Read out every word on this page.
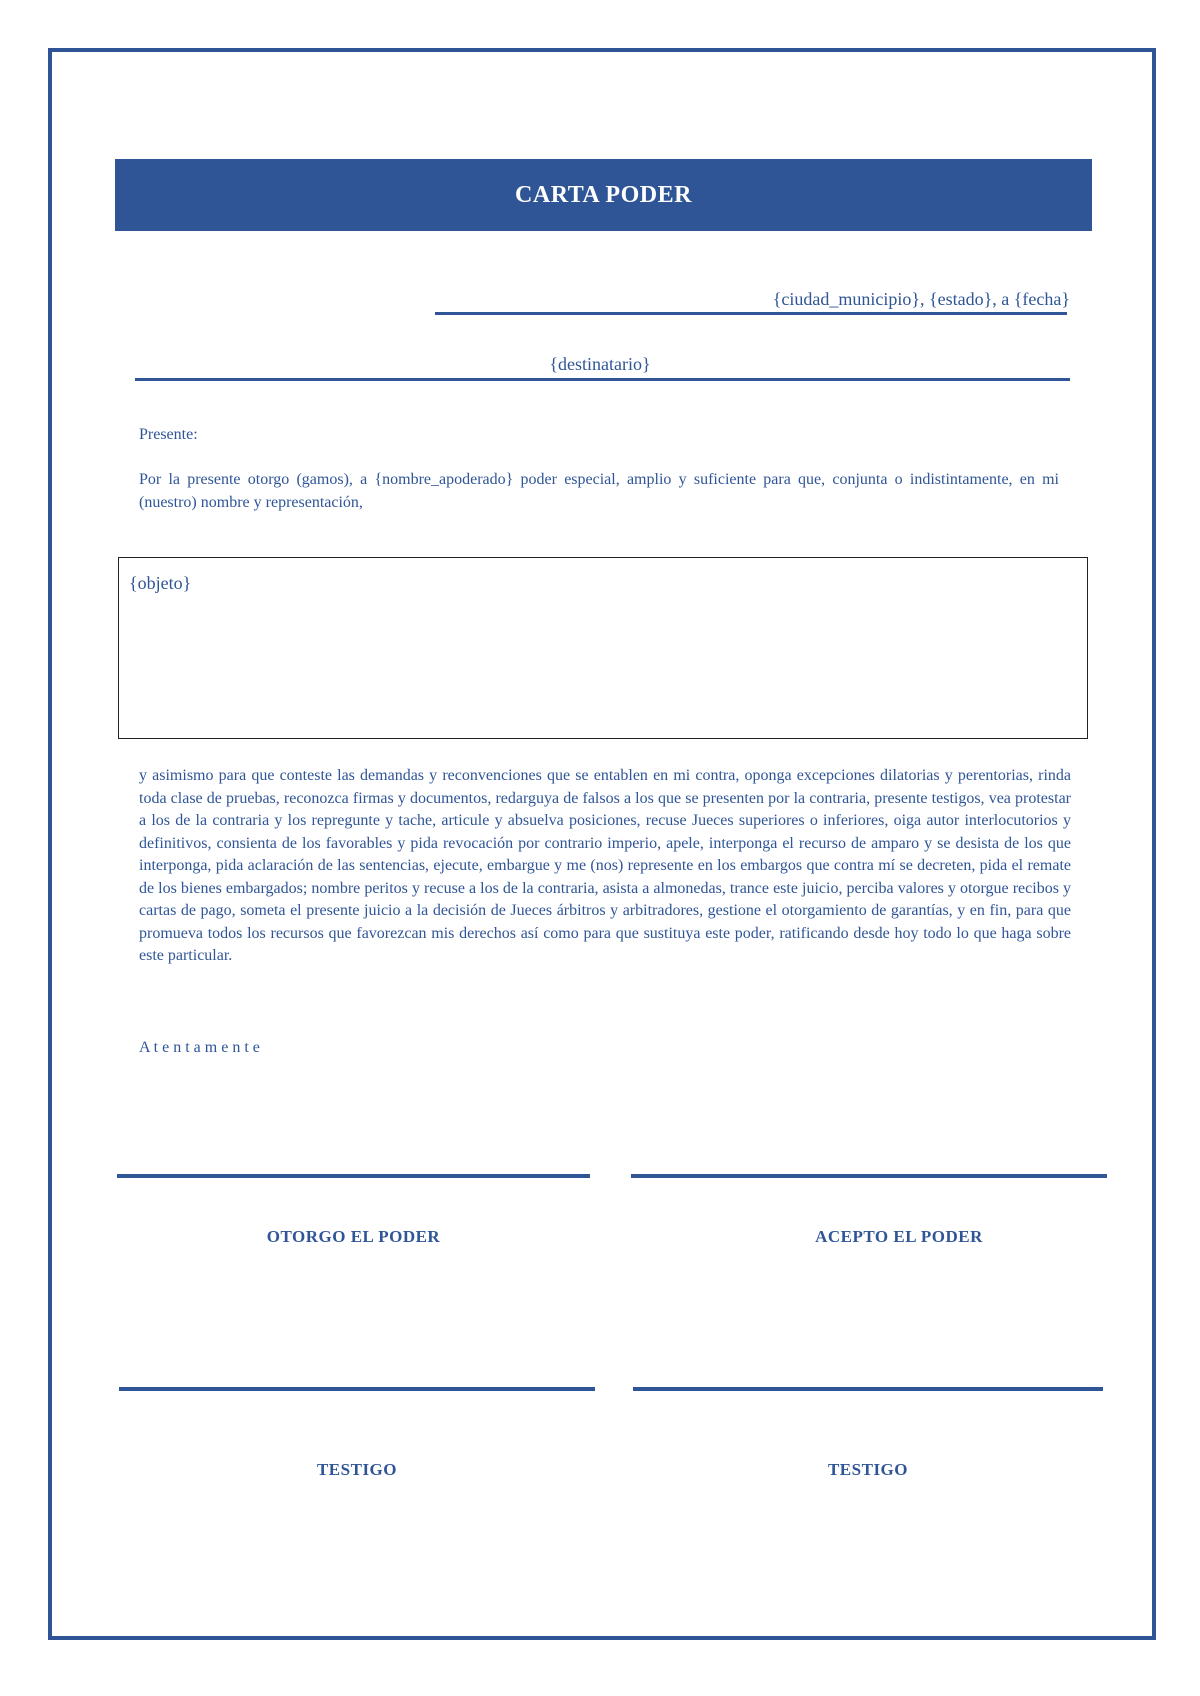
CARTA PODER
{ciudad_municipio}, {estado}, a {fecha}
{destinatario}
Presente:
Por la presente otorgo (gamos), a {nombre_apoderado} poder especial, amplio y suficiente para que, conjunta o indistintamente, en mi (nuestro) nombre y representación,
{objeto}
y asimismo para que conteste las demandas y reconvenciones que se entablen en mi contra, oponga excepciones dilatorias y perentorias, rinda toda clase de pruebas, reconozca firmas y documentos, redarguya de falsos a los que se presenten por la contraria, presente testigos, vea protestar a los de la contraria y los repregunte y tache, articule y absuelva posiciones, recuse Jueces superiores o inferiores, oiga autor interlocutorios y definitivos, consienta de los favorables y pida revocación por contrario imperio, apele, interponga el recurso de amparo y se desista de los que interponga, pida aclaración de las sentencias, ejecute, embargue y me (nos) represente en los embargos que contra mí se decreten, pida el remate de los bienes embargados; nombre peritos y recuse a los de la contraria, asista a almonedas, trance este juicio, perciba valores y otorgue recibos y cartas de pago, someta el presente juicio a la decisión de Jueces árbitros y arbitradores, gestione el otorgamiento de garantías, y en fin, para que promueva todos los recursos que favorezcan mis derechos así como para que sustituya este poder, ratificando desde hoy todo lo que haga sobre este particular.
A t e n t a m e n t e
OTORGO EL PODER	ACEPTO EL PODER
TESTIGO	TESTIGO
